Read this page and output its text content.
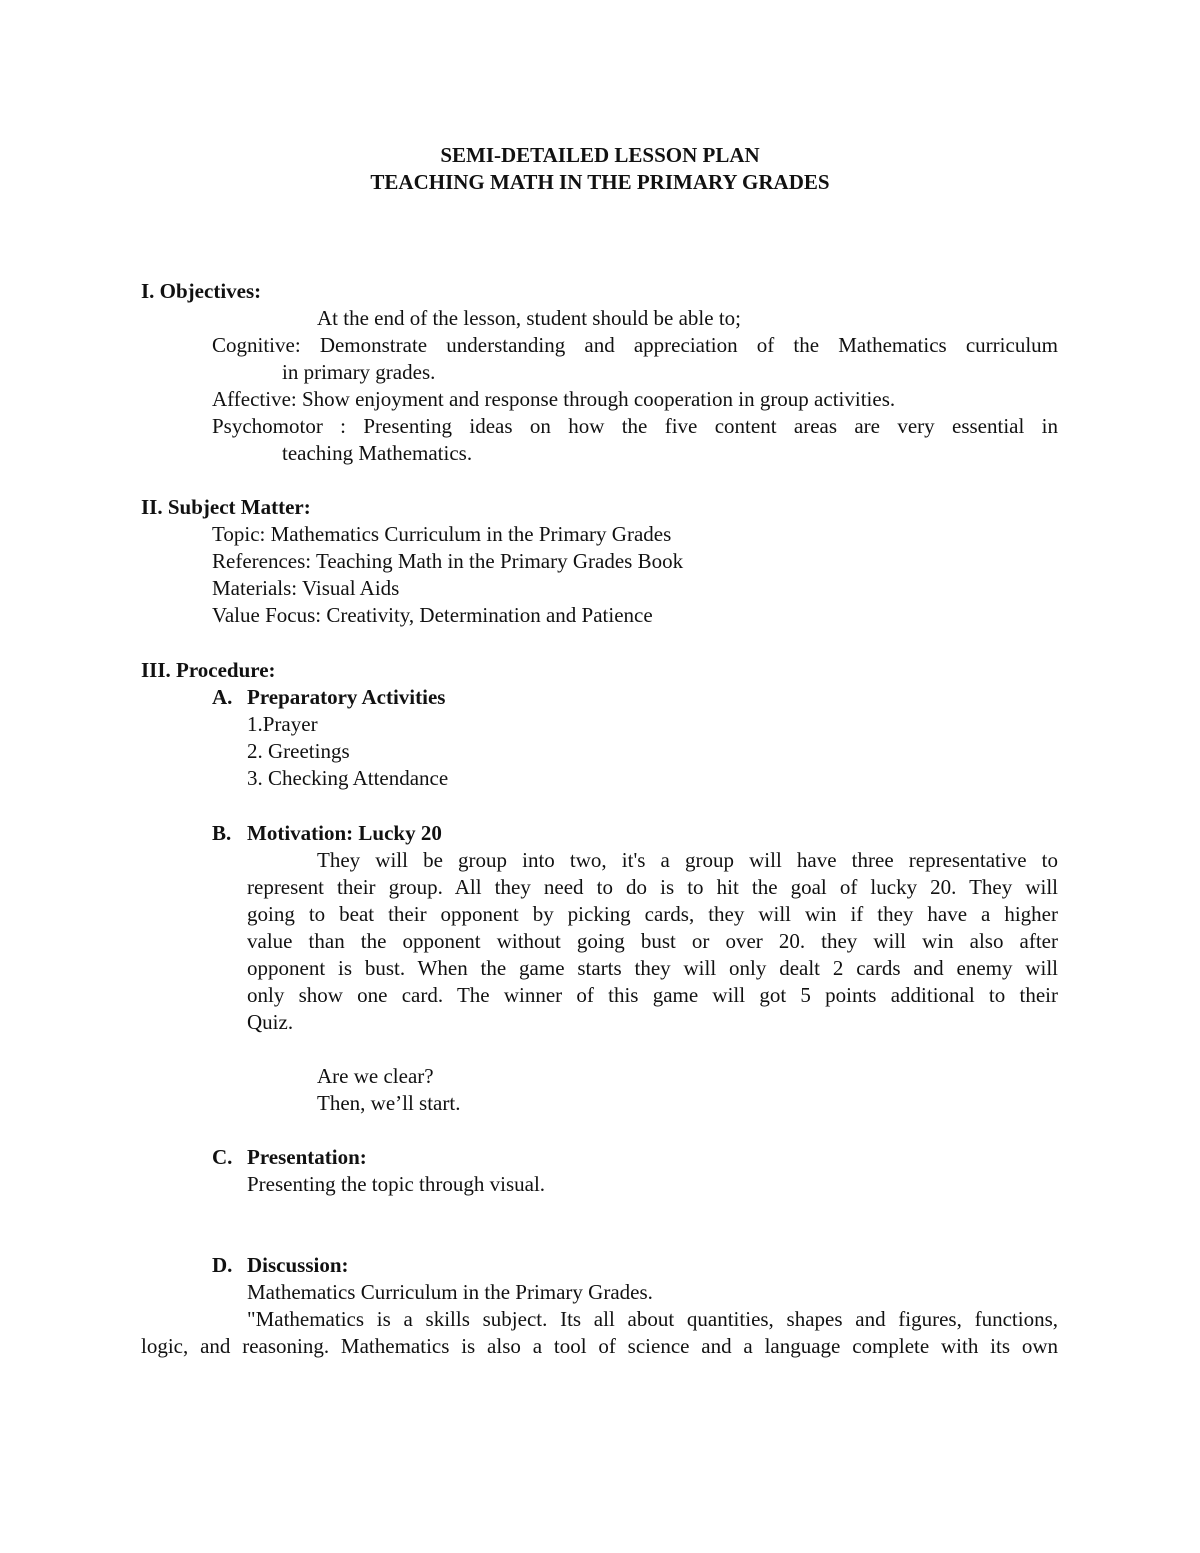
SEMI-DETAILED LESSON PLAN
TEACHING MATH IN THE PRIMARY GRADES
I. Objectives:
At the end of the lesson, student should be able to;
Cognitive: Demonstrate understanding and appreciation of the Mathematics curriculum
in primary grades.
Affective: Show enjoyment and response through cooperation in group activities.
Psychomotor : Presenting ideas on how the five content areas are very essential in
teaching Mathematics.
II. Subject Matter:
Topic: Mathematics Curriculum in the Primary Grades
References: Teaching Math in the Primary Grades Book
Materials: Visual Aids
Value Focus: Creativity, Determination and Patience
III. Procedure:
A. Preparatory Activities
1.Prayer
2. Greetings
3. Checking Attendance
B. Motivation: Lucky 20
They will be group into two, it's a group will have three representative to
represent their group. All they need to do is to hit the goal of lucky 20. They will
going to beat their opponent by picking cards, they will win if they have a higher
value than the opponent without going bust or over 20. they will win also after
opponent is bust. When the game starts they will only dealt 2 cards and enemy will
only show one card. The winner of this game will got 5 points additional to their
Quiz.
Are we clear?
Then, we’ll start.
C. Presentation:
Presenting the topic through visual.
D. Discussion:
Mathematics Curriculum in the Primary Grades.
"Mathematics is a skills subject. Its all about quantities, shapes and figures, functions,
logic, and reasoning. Mathematics is also a tool of science and a language complete with its own
